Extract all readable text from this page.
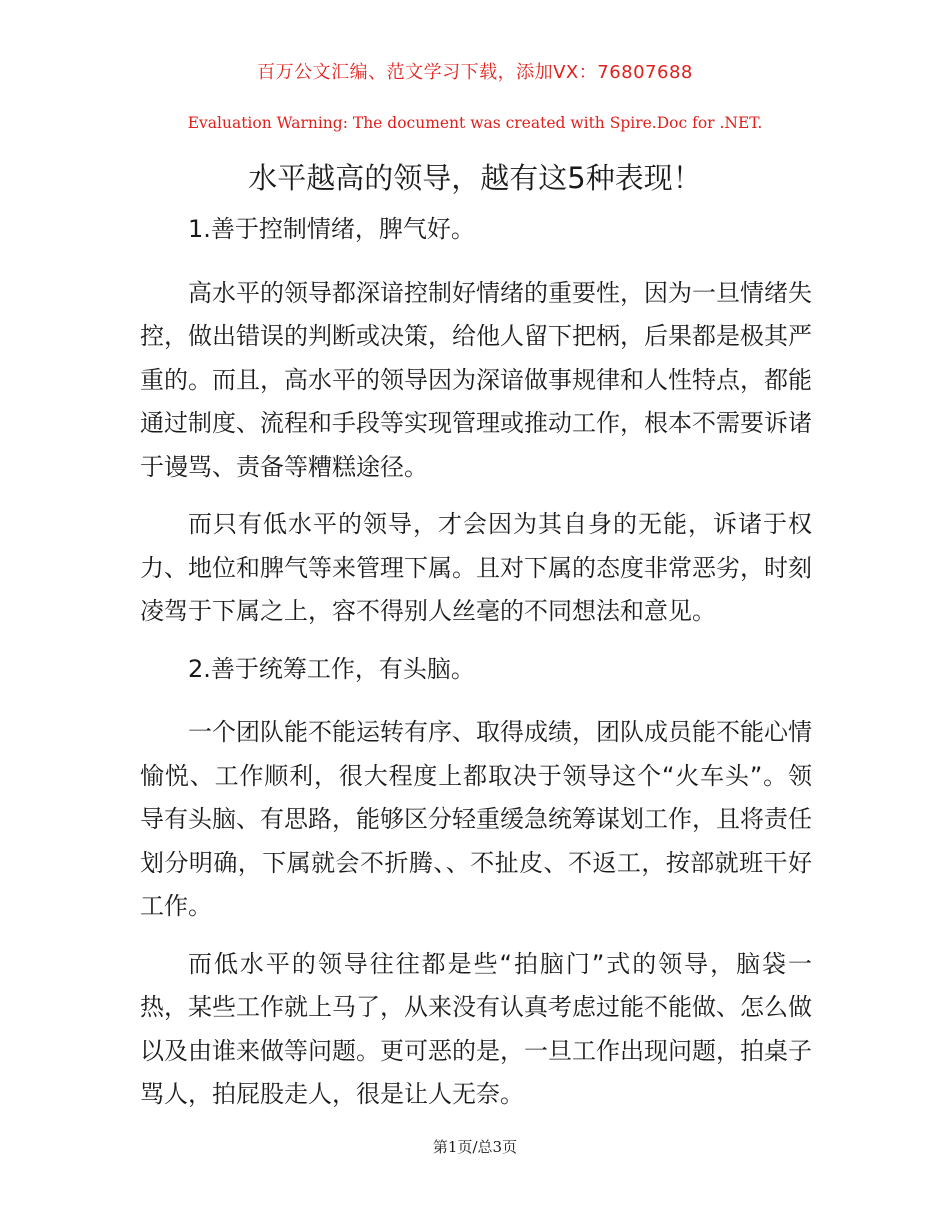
百万公文汇编、范文学习下载，添加VX：76807688
Evaluation Warning: The document was created with Spire.Doc for .NET.
水平越高的领导，越有这5种表现！

1.善于控制情绪，脾气好。

高水平的领导都深谙控制好情绪的重要性，因为一旦情绪失控，做出错误的判断或决策，给他人留下把柄，后果都是极其严重的。而且，高水平的领导因为深谙做事规律和人性特点，都能通过制度、流程和手段等实现管理或推动工作，根本不需要诉诸于谩骂、责备等糟糕途径。

而只有低水平的领导，才会因为其自身的无能，诉诸于权力、地位和脾气等来管理下属。且对下属的态度非常恶劣，时刻凌驾于下属之上，容不得别人丝毫的不同想法和意见。

2.善于统筹工作，有头脑。

一个团队能不能运转有序、取得成绩，团队成员能不能心情愉悦、工作顺利，很大程度上都取决于领导这个“火车头”。领导有头脑、有思路，能够区分轻重缓急统筹谋划工作，且将责任划分明确，下属就会不折腾、、不扯皮、不返工，按部就班干好工作。

而低水平的领导往往都是些“拍脑门”式的领导，脑袋一热，某些工作就上马了，从来没有认真考虑过能不能做、怎么做以及由谁来做等问题。更可恶的是，一旦工作出现问题，拍桌子骂人，拍屁股走人，很是让人无奈。

第1页/总3页
